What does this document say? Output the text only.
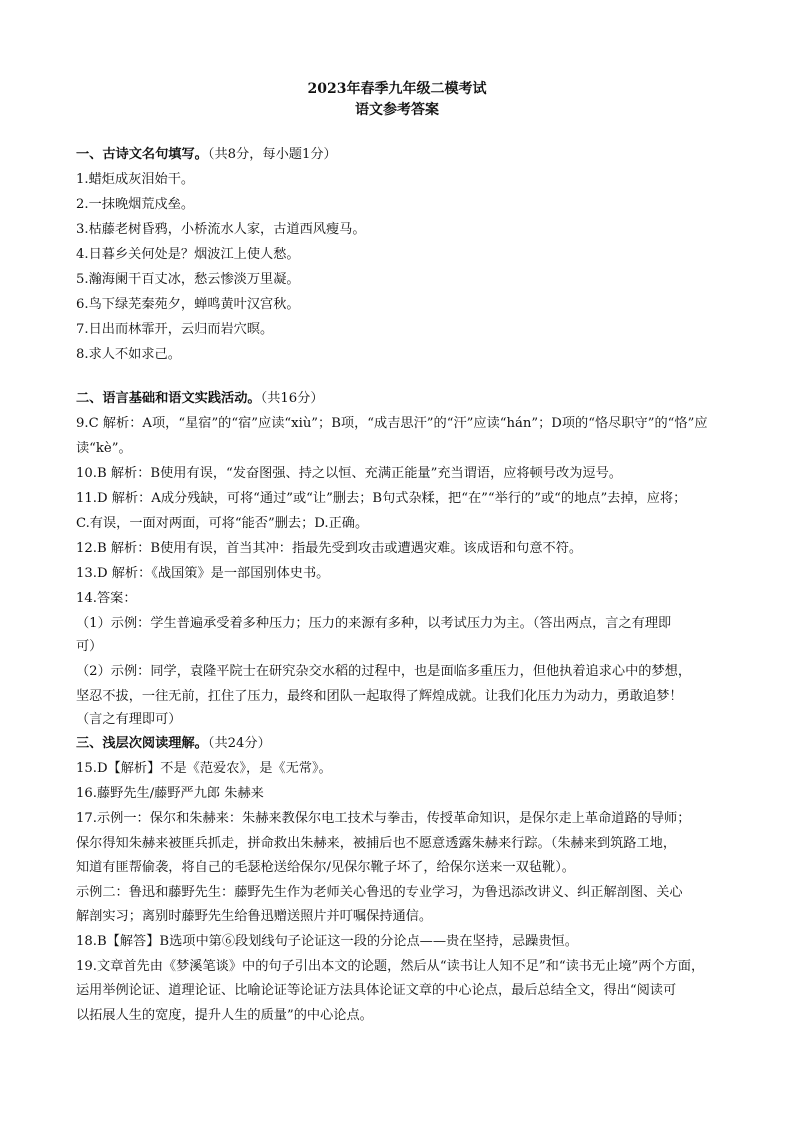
2023年春季九年级二模考试
语文参考答案
一、古诗文名句填写。（共8分，每小题1分）
1.蜡炬成灰泪始干。
2.一抹晚烟荒戍垒。
3.枯藤老树昏鸦，小桥流水人家，古道西风瘦马。
4.日暮乡关何处是？烟波江上使人愁。
5.瀚海阑干百丈冰，愁云惨淡万里凝。
6.鸟下绿芜秦苑夕，蝉鸣黄叶汉宫秋。
7.日出而林霏开，云归而岩穴暝。
8.求人不如求己。
二、语言基础和语文实践活动。（共16分）
9.C 解析：A项，“星宿”的“宿”应读“xiù”；B项，“成吉思汗”的“汗”应读“hán”；D项的“恪尽职守”的“恪”应
读“kè”。
10.B 解析：B使用有误，“发奋图强、持之以恒、充满正能量”充当谓语，应将顿号改为逗号。
11.D 解析：A成分残缺，可将“通过”或“让”删去；B句式杂糅，把“在”“举行的”或“的地点”去掉，应将；
C.有误，一面对两面，可将“能否”删去；D.正确。
12.B 解析：B使用有误，首当其冲：指最先受到攻击或遭遇灾难。该成语和句意不符。
13.D 解析：《战国策》是一部国别体史书。
14.答案：
（1）示例：学生普遍承受着多种压力；压力的来源有多种，以考试压力为主。（答出两点，言之有理即
可）
（2）示例：同学，袁隆平院士在研究杂交水稻的过程中，也是面临多重压力，但他执着追求心中的梦想，
坚忍不拔，一往无前，扛住了压力，最终和团队一起取得了辉煌成就。让我们化压力为动力，勇敢追梦！
（言之有理即可）
三、浅层次阅读理解。（共24分）
15.D【解析】不是《范爱农》，是《无常》。
16.藤野先生/藤野严九郎 朱赫来
17.示例一：保尔和朱赫来：朱赫来教保尔电工技术与拳击，传授革命知识，是保尔走上革命道路的导师；
保尔得知朱赫来被匪兵抓走，拼命救出朱赫来，被捕后也不愿意透露朱赫来行踪。（朱赫来到筑路工地，
知道有匪帮偷袭，将自己的毛瑟枪送给保尔/见保尔靴子坏了，给保尔送来一双毡靴）。
示例二：鲁迅和藤野先生：藤野先生作为老师关心鲁迅的专业学习，为鲁迅添改讲义、纠正解剖图、关心
解剖实习；离别时藤野先生给鲁迅赠送照片并叮嘱保持通信。
18.B【解答】B选项中第⑥段划线句子论证这一段的分论点——贵在坚持，忌躁贵恒。
19.文章首先由《梦溪笔谈》中的句子引出本文的论题，然后从“读书让人知不足”和“读书无止境”两个方面，
运用举例论证、道理论证、比喻论证等论证方法具体论证文章的中心论点，最后总结全文，得出“阅读可
以拓展人生的宽度，提升人生的质量”的中心论点。
